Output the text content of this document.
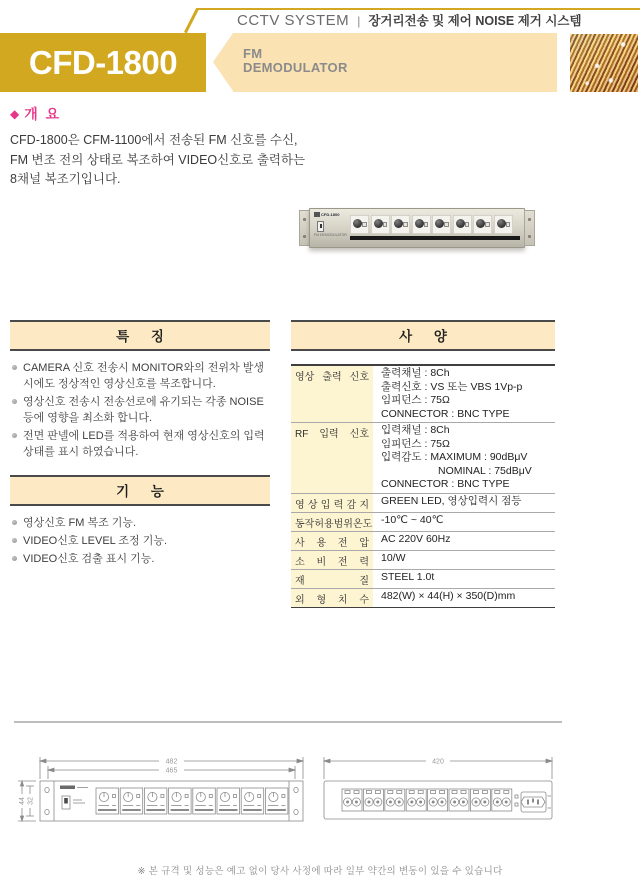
CCTV SYSTEM | 장거리전송 및 제어 NOISE 제거 시스템
CFD-1800	FM
DEMODULATOR
◆ 개 요

CFD-1800은 CFM-1100에서 전송된 FM 신호를 수신,

FM 변조 전의 상태로 복조하여 VIDEO신호로 출력하는

8채널 복조기입니다.

CFD-1800
FM DEMODULATOR
특 징
CAMERA 신호 전송시 MONITOR와의 전위차 발생시에도 정상적인 영상신호를 복조합니다.
영상신호 전송시 전송선로에 유기되는 각종 NOISE등에 영향을 최소화 합니다.
전면 판넬에 LED를 적용하여 현재 영상신호의 입력 상태를 표시 하였습니다.
기 능
영상신호 FM 복조 기능.
VIDEO신호 LEVEL 조정 기능.
VIDEO신호 검출 표시 기능.
사 양
영상 출력 신호	출력채널 : 8Ch
출력신호 : VS 또는 VBS 1Vp-p
임피던스 : 75Ω
CONNECTOR : BNC TYPE
RF 입력 신호	입력채널 : 8Ch
임피던스 : 75Ω
입력감도 : MAXIMUM : 90dBμV
NOMINAL : 75dBμV
CONNECTOR : BNC TYPE
영 상 입 력 감 지	GREEN LED, 영상입력시 점등
동작허용범위온도 -10℃ ~ 40℃
사 용 전 압	AC 220V 60Hz
소 비 전 력	10/W
재 질	STEEL 1.0t
외 형 치 수	482(W) × 44(H) × 350(D)mm
482
465
44 32
420
※ 본 규격 및 성능은 예고 없이 당사 사정에 따라 일부 약간의 변동이 있을 수 있습니다
